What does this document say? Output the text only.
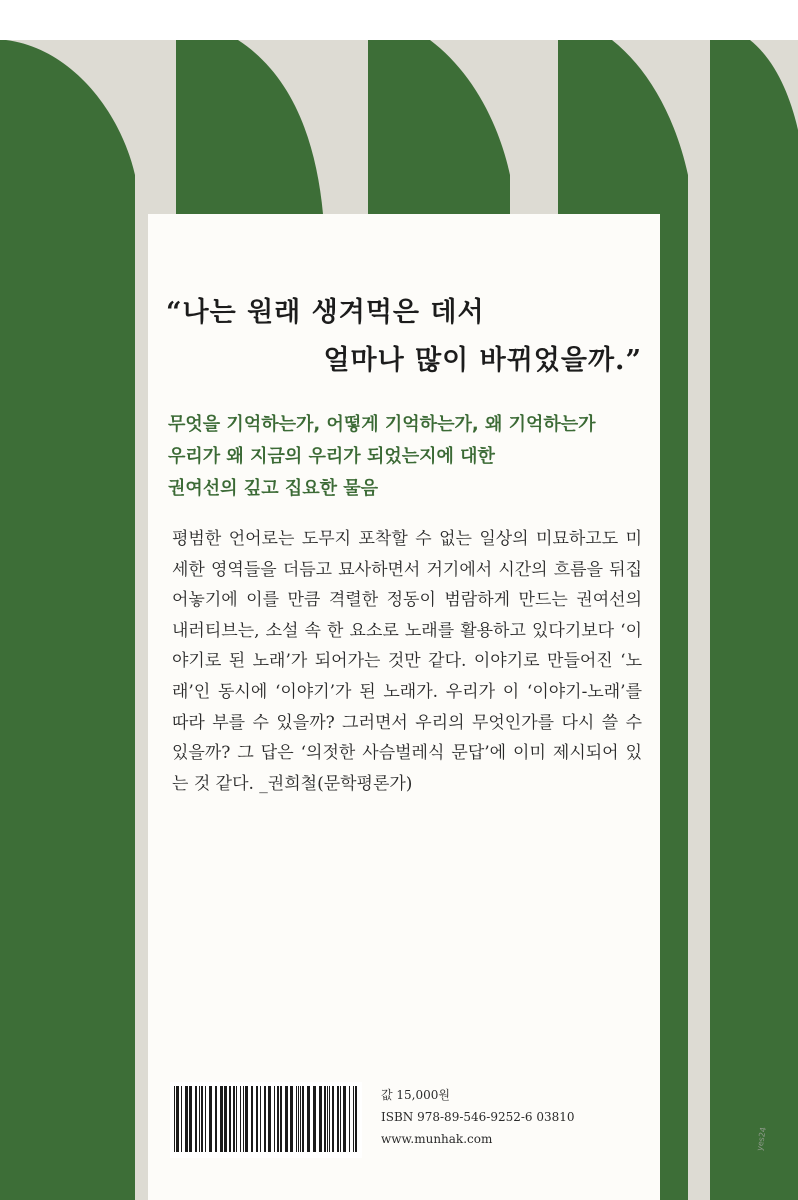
“나는 원래 생겨먹은 데서
얼마나 많이 바뀌었을까.”
무엇을 기억하는가, 어떻게 기억하는가, 왜 기억하는가
우리가 왜 지금의 우리가 되었는지에 대한
권여선의 깊고 집요한 물음
평범한 언어로는 도무지 포착할 수 없는 일상의 미묘하고도 미세한 영역들을 더듬고 묘사하면서 거기에서 시간의 흐름을 뒤집어놓기에 이를 만큼 격렬한 정동이 범람하게 만드는 권여선의 내러티브는, 소설 속 한 요소로 노래를 활용하고 있다기보다 ‘이야기로 된 노래’가 되어가는 것만 같다. 이야기로 만들어진 ‘노래’인 동시에 ‘이야기’가 된 노래가. 우리가 이 ‘이야기-노래’를 따라 부를 수 있을까? 그러면서 우리의 무엇인가를 다시 쓸 수 있을까? 그 답은 ‘의젓한 사슴벌레식 문답’에 이미 제시되어 있는 것 같다. _권희철(문학평론가)
값 15,000원
ISBN 978-89-546-9252-6 03810
www.munhak.com	yes24
